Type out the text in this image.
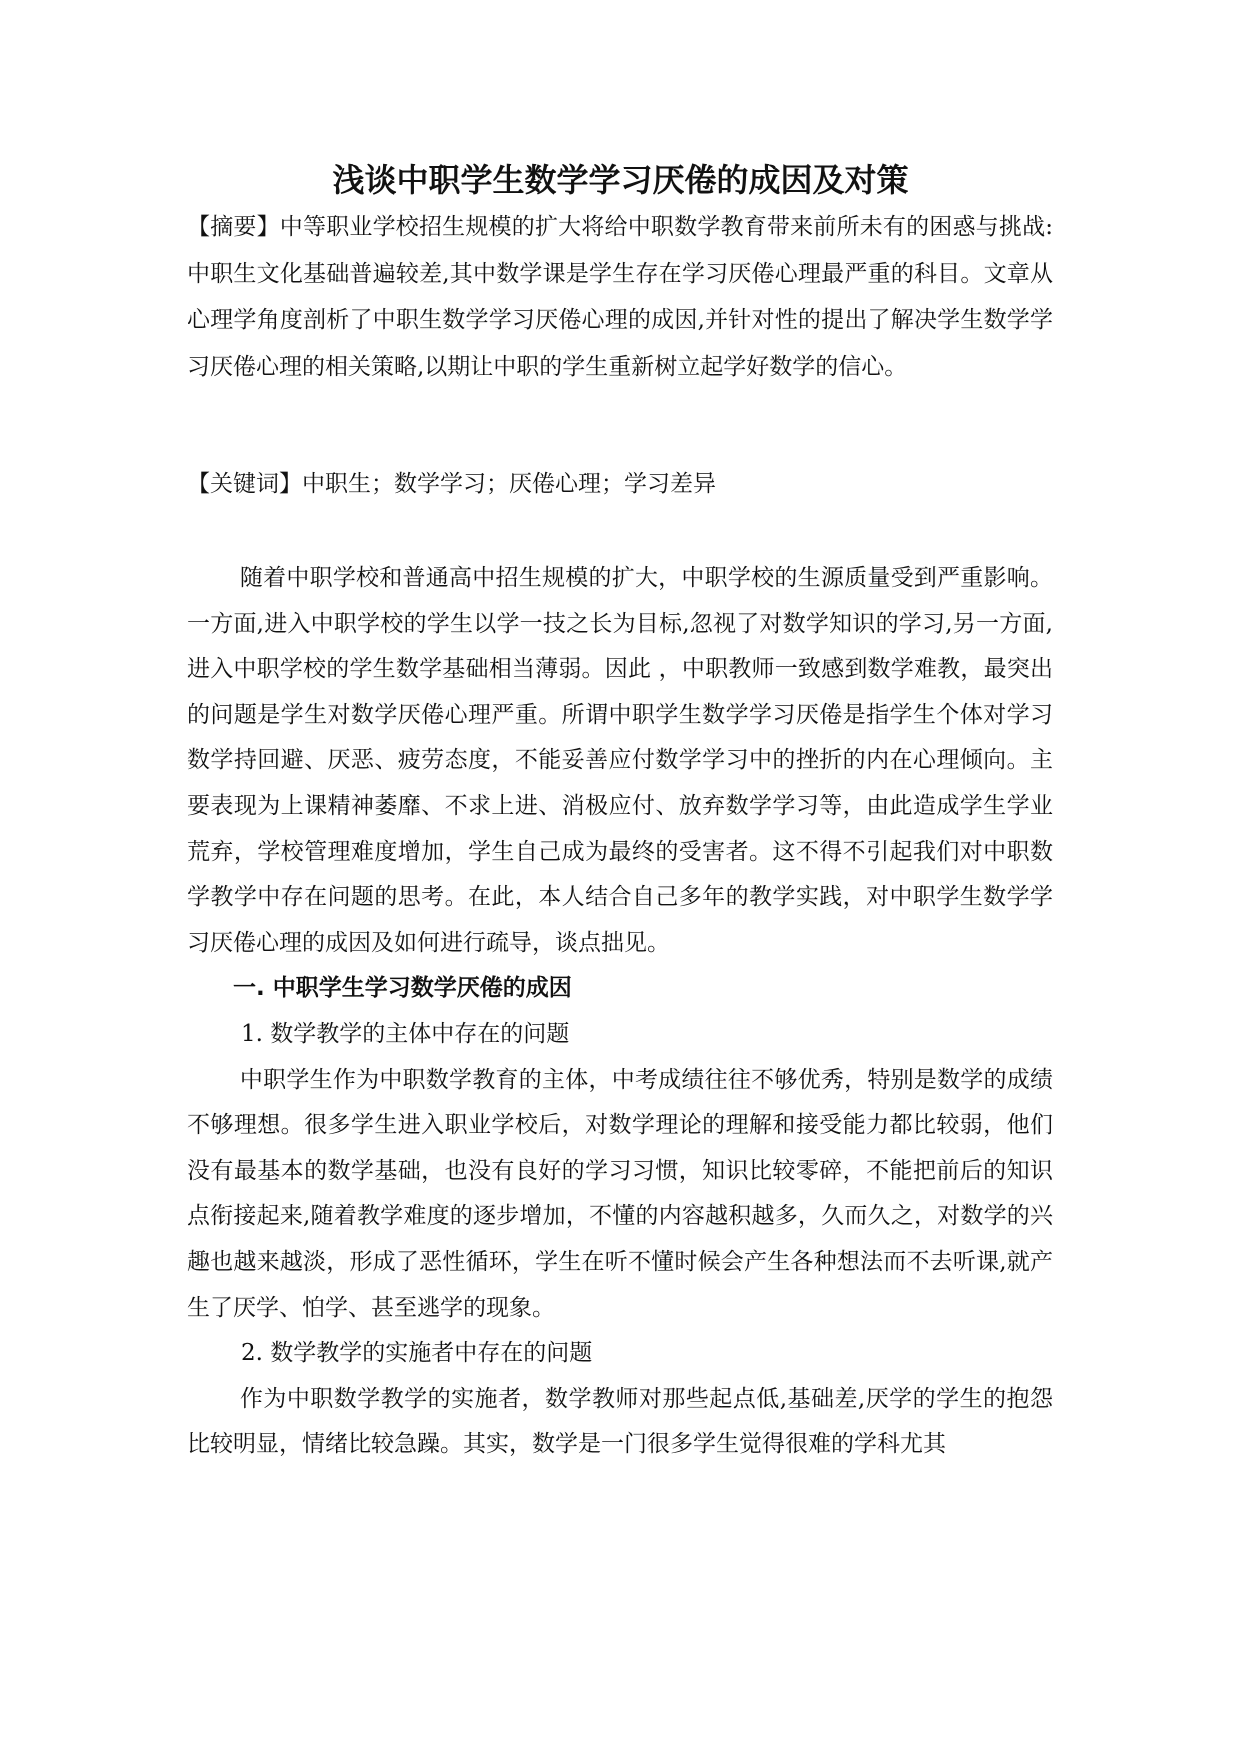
浅谈中职学生数学学习厌倦的成因及对策
【摘要】中等职业学校招生规模的扩大将给中职数学教育带来前所未有的困惑与挑战:中职生文化基础普遍较差,其中数学课是学生存在学习厌倦心理最严重的科目。文章从心理学角度剖析了中职生数学学习厌倦心理的成因,并针对性的提出了解决学生数学学习厌倦心理的相关策略,以期让中职的学生重新树立起学好数学的信心。
【关键词】中职生；数学学习；厌倦心理；学习差异

随着中职学校和普通高中招生规模的扩大，中职学校的生源质量受到严重影响。一方面,进入中职学校的学生以学一技之长为目标,忽视了对数学知识的学习,另一方面,进入中职学校的学生数学基础相当薄弱。因此 ，中职教师一致感到数学难教，最突出的问题是学生对数学厌倦心理严重。所谓中职学生数学学习厌倦是指学生个体对学习数学持回避、厌恶、疲劳态度，不能妥善应付数学学习中的挫折的内在心理倾向。主要表现为上课精神萎靡、不求上进、消极应付、放弃数学学习等，由此造成学生学业荒弃，学校管理难度增加，学生自己成为最终的受害者。这不得不引起我们对中职数学教学中存在问题的思考。在此，本人结合自己多年的教学实践，对中职学生数学学习厌倦心理的成因及如何进行疏导，谈点拙见。

一. 中职学生学习数学厌倦的成因

1. 数学教学的主体中存在的问题

中职学生作为中职数学教育的主体，中考成绩往往不够优秀，特别是数学的成绩不够理想。很多学生进入职业学校后，对数学理论的理解和接受能力都比较弱，他们没有最基本的数学基础，也没有良好的学习习惯，知识比较零碎，不能把前后的知识点衔接起来,随着教学难度的逐步增加，不懂的内容越积越多，久而久之，对数学的兴趣也越来越淡，形成了恶性循环，学生在听不懂时候会产生各种想法而不去听课,就产生了厌学、怕学、甚至逃学的现象。

2. 数学教学的实施者中存在的问题

作为中职数学教学的实施者，数学教师对那些起点低,基础差,厌学的学生的抱怨比较明显，情绪比较急躁。其实，数学是一门很多学生觉得很难的学科尤其
